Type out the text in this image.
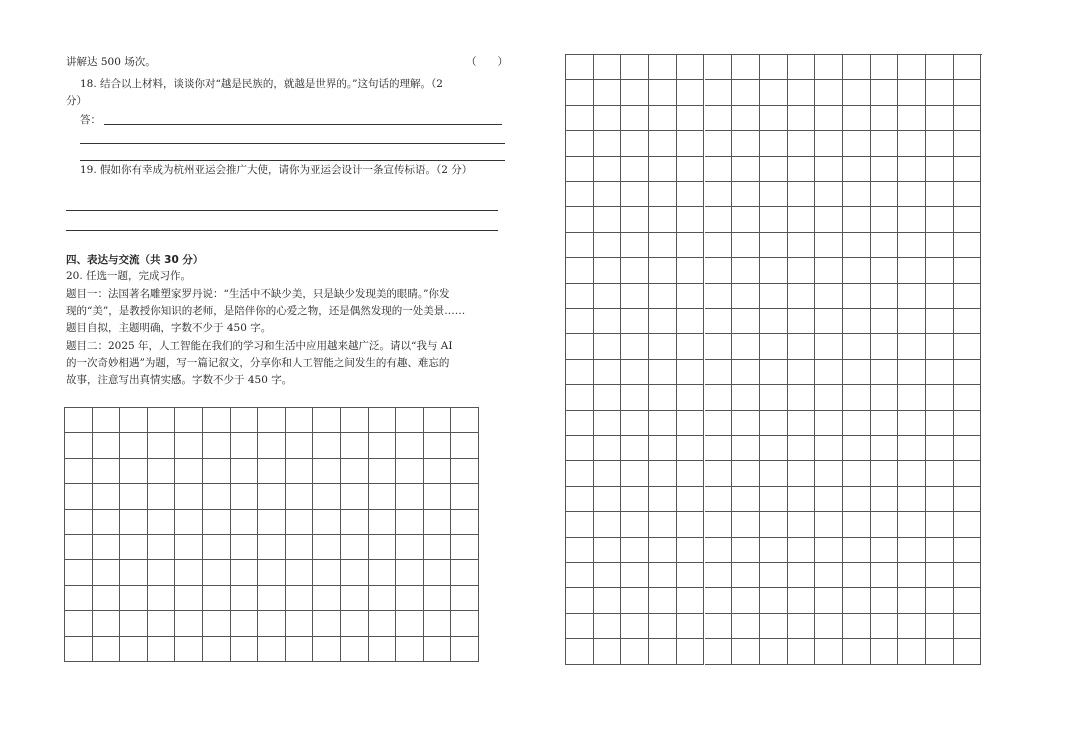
讲解达 500 场次。	（　　）
18. 结合以上材料，谈谈你对“越是民族的，就越是世界的。”这句话的理解。（2
分）
答：
19. 假如你有幸成为杭州亚运会推广大使，请你为亚运会设计一条宣传标语。（2 分）
四、表达与交流（共 30 分）
20. 任选一题，完成习作。
题目一：法国著名雕塑家罗丹说：“生活中不缺少美，只是缺少发现美的眼睛。”你发
现的“美”，是教授你知识的老师，是陪伴你的心爱之物，还是偶然发现的一处美景……
题目自拟，主题明确，字数不少于 450 字。
题目二：2025 年，人工智能在我们的学习和生活中应用越来越广泛。请以“我与 AI
的一次奇妙相遇”为题，写一篇记叙文，分享你和人工智能之间发生的有趣、难忘的
故事，注意写出真情实感。字数不少于 450 字。
